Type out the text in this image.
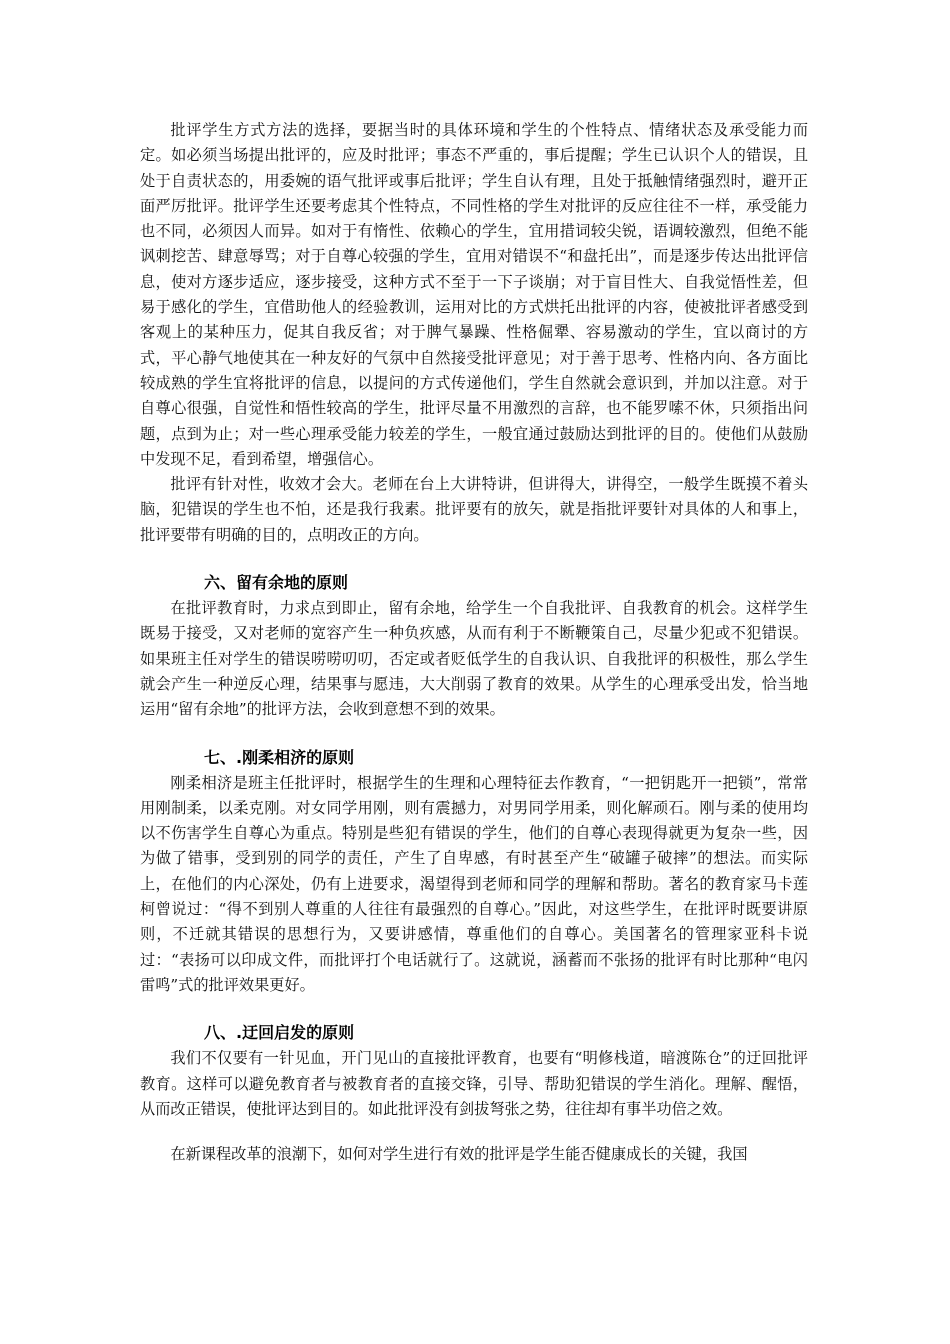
批评学生方式方法的选择，要据当时的具体环境和学生的个性特点、情绪状态及承受能力而定。如必须当场提出批评的，应及时批评；事态不严重的，事后提醒；学生已认识个人的错误，且处于自责状态的，用委婉的语气批评或事后批评；学生自认有理，且处于抵触情绪强烈时，避开正面严厉批评。批评学生还要考虑其个性特点，不同性格的学生对批评的反应往往不一样，承受能力也不同，必须因人而异。如对于有惰性、依赖心的学生，宜用措词较尖锐，语调较激烈，但绝不能讽刺挖苦、肆意辱骂；对于自尊心较强的学生，宜用对错误不“和盘托出”，而是逐步传达出批评信息，使对方逐步适应，逐步接受，这种方式不至于一下子谈崩；对于盲目性大、自我觉悟性差，但易于感化的学生，宜借助他人的经验教训，运用对比的方式烘托出批评的内容，使被批评者感受到客观上的某种压力，促其自我反省；对于脾气暴躁、性格倔犟、容易激动的学生，宜以商讨的方式，平心静气地使其在一种友好的气氛中自然接受批评意见；对于善于思考、性格内向、各方面比较成熟的学生宜将批评的信息，以提问的方式传递他们，学生自然就会意识到，并加以注意。对于自尊心很强，自觉性和悟性较高的学生，批评尽量不用激烈的言辞，也不能罗嗦不休，只须指出问题，点到为止；对一些心理承受能力较差的学生，一般宜通过鼓励达到批评的目的。使他们从鼓励中发现不足，看到希望，增强信心。

批评有针对性，收效才会大。老师在台上大讲特讲，但讲得大，讲得空，一般学生既摸不着头脑，犯错误的学生也不怕，还是我行我素。批评要有的放矢，就是指批评要针对具体的人和事上，批评要带有明确的目的，点明改正的方向。

六、留有余地的原则

在批评教育时，力求点到即止，留有余地，给学生一个自我批评、自我教育的机会。这样学生既易于接受，又对老师的宽容产生一种负疚感，从而有利于不断鞭策自己，尽量少犯或不犯错误。如果班主任对学生的错误唠唠叨叨，否定或者贬低学生的自我认识、自我批评的积极性，那么学生就会产生一种逆反心理，结果事与愿违，大大削弱了教育的效果。从学生的心理承受出发，恰当地运用“留有余地”的批评方法，会收到意想不到的效果。

七、.刚柔相济的原则

刚柔相济是班主任批评时，根据学生的生理和心理特征去作教育，“一把钥匙开一把锁”，常常用刚制柔，以柔克刚。对女同学用刚，则有震撼力，对男同学用柔，则化解顽石。刚与柔的使用均以不伤害学生自尊心为重点。特别是些犯有错误的学生，他们的自尊心表现得就更为复杂一些，因为做了错事，受到别的同学的责任，产生了自卑感，有时甚至产生“破罐子破摔”的想法。而实际上，在他们的内心深处，仍有上进要求，渴望得到老师和同学的理解和帮助。著名的教育家马卡莲柯曾说过：“得不到别人尊重的人往往有最强烈的自尊心。”因此，对这些学生，在批评时既要讲原则，不迁就其错误的思想行为，又要讲感情，尊重他们的自尊心。美国著名的管理家亚科卡说过：“表扬可以印成文件，而批评打个电话就行了。这就说，涵蓄而不张扬的批评有时比那种“电闪雷鸣”式的批评效果更好。

八、.迂回启发的原则

我们不仅要有一针见血，开门见山的直接批评教育，也要有“明修栈道，暗渡陈仓”的迂回批评教育。这样可以避免教育者与被教育者的直接交锋，引导、帮助犯错误的学生消化。理解、醒悟，从而改正错误，使批评达到目的。如此批评没有剑拔弩张之势，往往却有事半功倍之效。

在新课程改革的浪潮下，如何对学生进行有效的批评是学生能否健康成长的关键，我国
